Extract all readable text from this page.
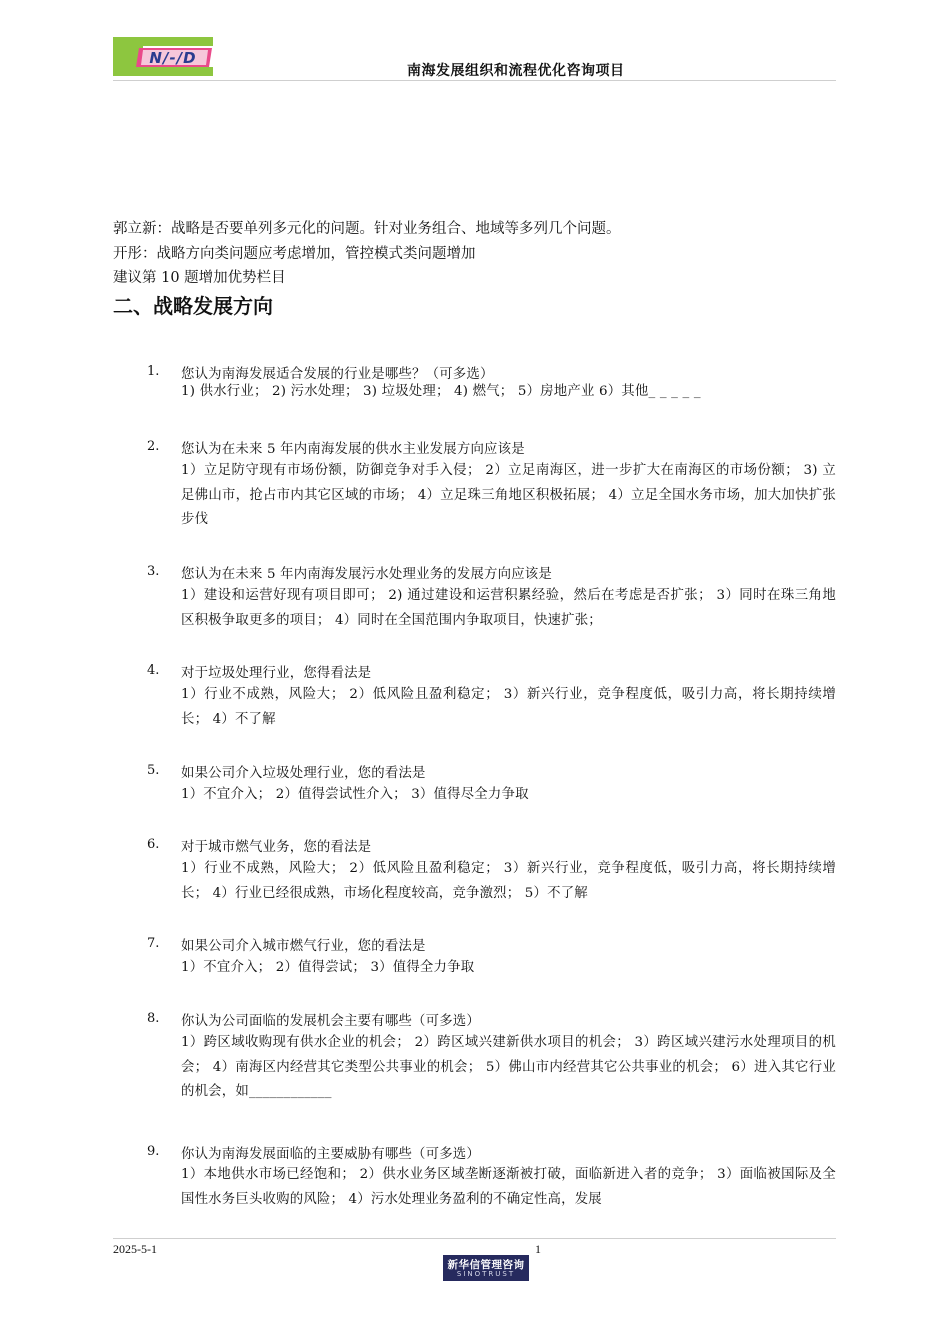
N/-/D
南海发展组织和流程优化咨询项目
郭立新：战略是否要单列多元化的问题。针对业务组合、地域等多列几个问题。
开彤：战略方向类问题应考虑增加，管控模式类问题增加
建议第 10 题增加优势栏目
二、战略发展方向
1. 您认为南海发展适合发展的行业是哪些？（可多选）
1) 供水行业； 2) 污水处理； 3) 垃圾处理； 4) 燃气； 5）房地产业 6）其他_ _ _ _ _
2. 您认为在未来 5 年内南海发展的供水主业发展方向应该是
1）立足防守现有市场份额，防御竞争对手入侵； 2）立足南海区，进一步扩大在南海区的市场份额； 3) 立足佛山市，抢占市内其它区域的市场； 4）立足珠三角地区积极拓展； 4）立足全国水务市场，加大加快扩张步伐
3. 您认为在未来 5 年内南海发展污水处理业务的发展方向应该是
1）建设和运营好现有项目即可； 2) 通过建设和运营积累经验，然后在考虑是否扩张； 3）同时在珠三角地区积极争取更多的项目； 4）同时在全国范围内争取项目，快速扩张；
4. 对于垃圾处理行业，您得看法是
1）行业不成熟，风险大； 2）低风险且盈利稳定； 3）新兴行业，竞争程度低，吸引力高，将长期持续增长； 4）不了解
5. 如果公司介入垃圾处理行业，您的看法是
1）不宜介入； 2）值得尝试性介入； 3）值得尽全力争取
6. 对于城市燃气业务，您的看法是
1）行业不成熟，风险大； 2）低风险且盈利稳定； 3）新兴行业，竞争程度低，吸引力高，将长期持续增长； 4）行业已经很成熟，市场化程度较高，竞争激烈； 5）不了解
7. 如果公司介入城市燃气行业，您的看法是
1）不宜介入； 2）值得尝试； 3）值得全力争取
8. 你认为公司面临的发展机会主要有哪些（可多选）
1）跨区域收购现有供水企业的机会； 2）跨区域兴建新供水项目的机会； 3）跨区域兴建污水处理项目的机会； 4）南海区内经营其它类型公共事业的机会； 5）佛山市内经营其它公共事业的机会； 6）进入其它行业的机会，如____________
9. 你认为南海发展面临的主要威胁有哪些（可多选）
1）本地供水市场已经饱和； 2）供水业务区域垄断逐渐被打破，面临新进入者的竞争； 3）面临被国际及全国性水务巨头收购的风险； 4）污水处理业务盈利的不确定性高，发展
2025-5-1	1
新华信管理咨询
SINOTRUST
